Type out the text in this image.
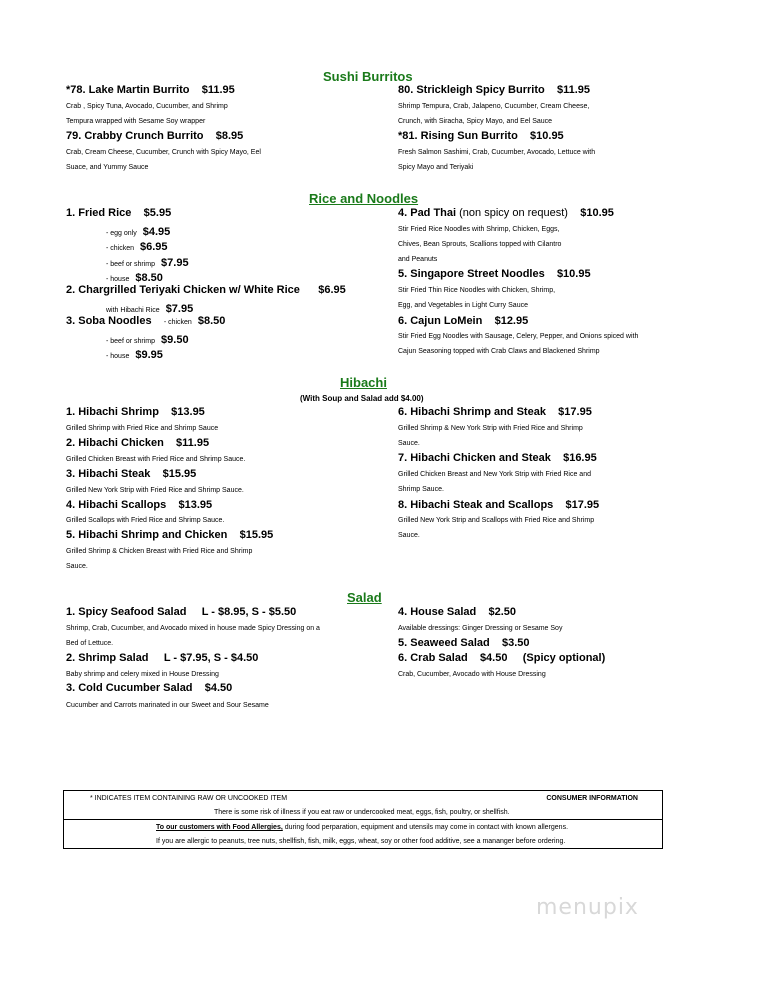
Sushi Burritos
*78. Lake Martin Burrito $11.95
Crab , Spicy Tuna, Avocado, Cucumber, and Shrimp
Tempura wrapped with Sesame Soy wrapper
79. Crabby Crunch Burrito $8.95
Crab, Cream Cheese, Cucumber, Crunch with Spicy Mayo, Eel
Suace, and Yummy Sauce
80. Strickleigh Spicy Burrito $11.95
Shrimp Tempura, Crab, Jalapeno, Cucumber, Cream Cheese,
Crunch, with Siracha, Spicy Mayo, and Eel Sauce
*81. Rising Sun Burrito $10.95
Fresh Salmon Sashimi, Crab, Cucumber, Avocado, Lettuce with
Spicy Mayo and Teriyaki
Rice and Noodles
1. Fried Rice $5.95
- egg only $4.95
- chicken $6.95
- beef or shrimp $7.95
- house $8.50
2. Chargrilled Teriyaki Chicken w/ White Rice $6.95
with Hibachi Rice $7.95
3. Soba Noodles - chicken $8.50
- beef or shrimp $9.50
- house $9.95
4. Pad Thai (non spicy on request) $10.95
Stir Fried Rice Noodles with Shrimp, Chicken, Eggs,
Chives, Bean Sprouts, Scallions topped with Cilantro
and Peanuts
5. Singapore Street Noodles $10.95
Stir Fried Thin Rice Noodles with Chicken, Shrimp,
Egg, and Vegetables in Light Curry Sauce
6. Cajun LoMein $12.95
Stir Fried Egg Noodles with Sausage, Celery, Pepper, and Onions spiced with
Cajun Seasoning topped with Crab Claws and Blackened Shrimp
Hibachi
(With Soup and Salad add $4.00)
1. Hibachi Shrimp $13.95
Grilled Shrimp with Fried Rice and Shrimp Sauce
2. Hibachi Chicken $11.95
Grilled Chicken Breast with Fried Rice and Shrimp Sauce.
3. Hibachi Steak $15.95
Grilled New York Strip with Fried Rice and Shrimp Sauce.
4. Hibachi Scallops $13.95
Grilled Scallops with Fried Rice and Shrimp Sauce.
5. Hibachi Shrimp and Chicken $15.95
Grilled Shrimp & Chicken Breast with Fried Rice and Shrimp
Sauce.
6. Hibachi Shrimp and Steak $17.95
Grilled Shrimp & New York Strip with Fried Rice and Shrimp
Sauce.
7. Hibachi Chicken and Steak $16.95
Grilled Chicken Breast and New York Strip with Fried Rice and
Shrimp Sauce.
8. Hibachi Steak and Scallops $17.95
Grilled New York Strip and Scallops with Fried Rice and Shrimp
Sauce.
Salad
1. Spicy Seafood Salad L - $8.95, S - $5.50
Shrimp, Crab, Cucumber, and Avocado mixed in house made Spicy Dressing on a
Bed of Lettuce.
2. Shrimp Salad L - $7.95, S - $4.50
Baby shrimp and celery mixed in House Dressing
3. Cold Cucumber Salad $4.50
Cucumber and Carrots marinated in our Sweet and Sour Sesame
4. House Salad $2.50
Available dressings: Ginger Dressing or Sesame Soy
5. Seaweed Salad $3.50
6. Crab Salad $4.50 (Spicy optional)
Crab, Cucumber, Avocado with House Dressing
* INDICATES ITEM CONTAINING RAW OR UNCOOKED ITEM	CONSUMER INFORMATION
There is some risk of illness if you eat raw or undercooked meat, eggs, fish, poultry, or shellfish.
To our customers with Food Allergies, during food perparation, equipment and utensils may come in contact with known allergens.
If you are allergic to peanuts, tree nuts, shellfish, fish, milk, eggs, wheat, soy or other food additive, see a mananger before ordering.
menupix
